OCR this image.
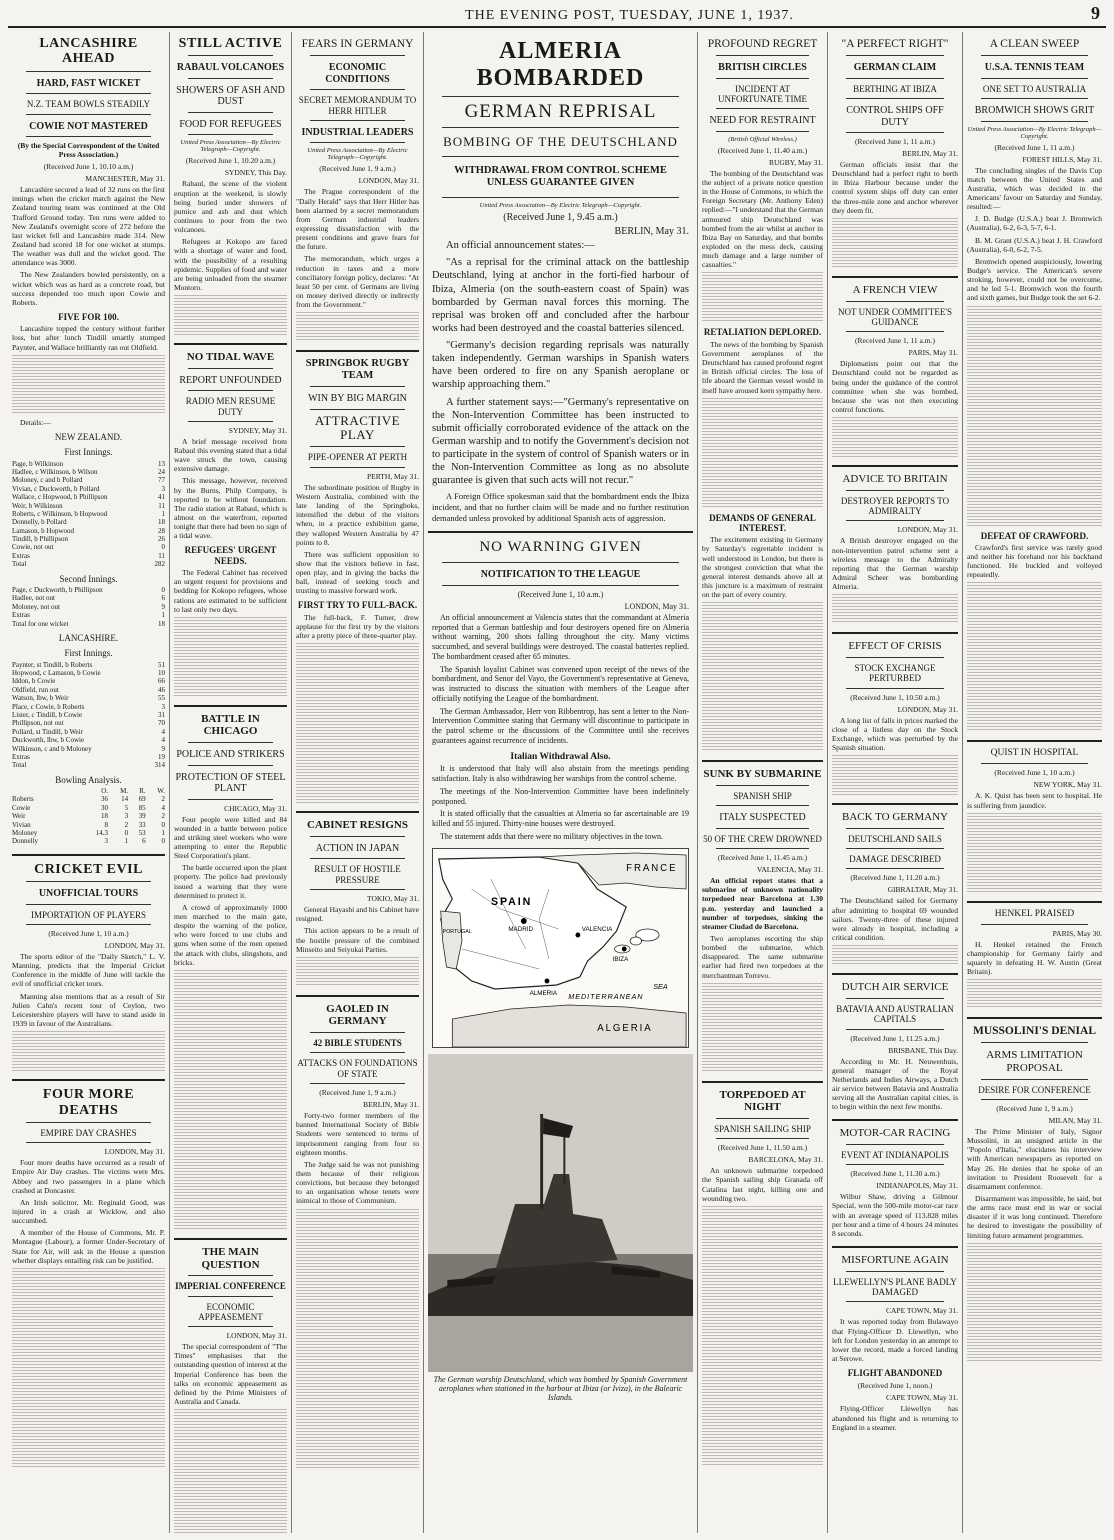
THE EVENING POST, TUESDAY, JUNE 1, 1937.	9
LANCASHIRE AHEAD
HARD, FAST WICKET
N.Z. TEAM BOWLS STEADILY
COWIE NOT MASTERED
(By the Special Correspondent of the United Press Association.)
(Received June 1, 10.10 a.m.)
MANCHESTER, May 31.

Lancashire secured a lead of 32 runs on the first innings when the cricket match against the New Zealand touring team was continued at the Old Trafford Ground today. Ten runs were added to New Zealand's overnight score of 272 before the last wicket fell and Lancashire made 314. New Zealand had scored 18 for one wicket at stumps. The weather was dull and the wicket good. The attendance was 3000.

The New Zealanders bowled persistently, on a wicket which was as hard as a concrete road, but success depended too much upon Cowie and Roberts.

FIVE FOR 100.

Lancashire topped the century without further loss, but after lunch Tindill smartly stumped Paynter, and Wallace brilliantly ran out Oldfield.

Details:—
NEW ZEALAND.
First Innings.
Page, b Wilkinson	13
Hadlee, c Wilkinson, b Wilson	24
Moloney, c and b Pollard	77
Vivian, c Duckworth, b Pollard	3
Wallace, c Hopwood, b Phillipson	41
Weir, b Wilkinson	11
Roberts, c Wilkinson, b Hopwood	1
Donnelly, b Pollard	18
Lamason, b Hopwood	28
Tindill, b Phillipson	26
Cowie, not out	0
Extras	11
Total	282
Second Innings.
Page, c Duckworth, b Phillipson	0
Hadlee, not out	6
Moloney, not out	9
Extras	1
Total for one wicket	18
LANCASHIRE.
First Innings.
Paynter, st Tindill, b Roberts	51
Hopwood, c Lamason, b Cowie	10
Iddon, b Cowie	66
Oldfield, run out	46
Watson, lbw, b Weir	55
Place, c Cowie, b Roberts	3
Lister, c Tindill, b Cowie	31
Phillipson, not out	70
Pollard, st Tindill, b Weir	4
Duckworth, lbw, b Cowie	4
Wilkinson, c and b Moloney	9
Extras	19
Total	314
Bowling Analysis.
	O.	M.	R.	W.
Roberts	36	14	69	2
Cowie	30	5	85	4
Weir	18	3	39	2
Vivian	8	2	33	0
Moloney	14.3	0	53	1
Donnelly	3	1	6	0
CRICKET EVIL
UNOFFICIAL TOURS
IMPORTATION OF PLAYERS
(Received June 1, 10 a.m.)
LONDON, May 31.

The sports editor of the "Daily Sketch," L. V. Manning, predicts that the Imperial Cricket Conference in the middle of June will tackle the evil of unofficial cricket tours.

Manning also mentions that as a result of Sir Julien Cahn's recent tour of Ceylon, two Leicestershire players will have to stand aside in 1939 in favour of the Australians.

FOUR MORE DEATHS
EMPIRE DAY CRASHES
LONDON, May 31.

Four more deaths have occurred as a result of Empire Air Day crashes. The victims were Mrs. Abbey and two passengers in a plane which crashed at Doncaster.

An Irish solicitor, Mr. Reginald Good, was injured in a crash at Wicklow, and also succumbed.

A member of the House of Commons, Mr. P. Montague (Labour), a former Under-Secretary of State for Air, will ask in the House a question whether displays entailing risk can be justified.

STILL ACTIVE
RABAUL VOLCANOES
SHOWERS OF ASH AND DUST
FOOD FOR REFUGEES
United Press Association—By Electric Telegraph—Copyright.
(Received June 1, 10.20 a.m.)
SYDNEY, This Day.

Rabaul, the scene of the violent eruption at the weekend, is slowly being buried under showers of pumice and ash and dust which continues to pour from the two volcanoes.

Refugees at Kokopo are faced with a shortage of water and food, with the possibility of a resulting epidemic. Supplies of food and water are being unloaded from the steamer Montoro.

NO TIDAL WAVE
REPORT UNFOUNDED
RADIO MEN RESUME DUTY
SYDNEY, May 31.

A brief message received from Rabaul this evening stated that a tidal wave struck the town, causing extensive damage.

This message, however, received by the Burns, Philp Company, is reported to be without foundation. The radio station at Rabaul, which is almost on the waterfront, reported tonight that there had been no sign of a tidal wave.

REFUGEES' URGENT NEEDS.

The Federal Cabinet has received an urgent request for provisions and bedding for Kokopo refugees, whose rations are estimated to be sufficient to last only two days.

BATTLE IN CHICAGO
POLICE AND STRIKERS
PROTECTION OF STEEL PLANT
CHICAGO, May 31.

Four people were killed and 84 wounded in a battle between police and striking steel workers who were attempting to enter the Republic Steel Corporation's plant.

The battle occurred upon the plant property. The police had previously issued a warning that they were determined to protect it.

A crowd of approximately 1000 men marched to the main gate, despite the warning of the police, who were forced to use clubs and guns when some of the men opened the attack with clubs, slingshots, and bricks.

THE MAIN QUESTION
IMPERIAL CONFERENCE
ECONOMIC APPEASEMENT
LONDON, May 31.

The special correspondent of "The Times" emphasises that the outstanding question of interest at the Imperial Conference has been the talks on economic appeasement as defined by the Prime Ministers of Australia and Canada.

FEARS IN GERMANY
ECONOMIC CONDITIONS
SECRET MEMORANDUM TO HERR HITLER
INDUSTRIAL LEADERS
United Press Association—By Electric Telegraph—Copyright.
(Received June 1, 9 a.m.)
LONDON, May 31.

The Prague correspondent of the "Daily Herald" says that Herr Hitler has been alarmed by a secret memorandum from German industrial leaders expressing dissatisfaction with the present conditions and grave fears for the future.

The memorandum, which urges a reduction in taxes and a more conciliatory foreign policy, declares: "At least 50 per cent. of Germans are living on money derived directly or indirectly from the Government."

SPRINGBOK RUGBY TEAM
WIN BY BIG MARGIN
ATTRACTIVE PLAY
PIPE-OPENER AT PERTH
PERTH, May 31.

The subordinate position of Rugby in Western Australia, combined with the late landing of the Springboks, intensified the debut of the visitors when, in a practice exhibition game, they walloped Western Australia by 47 points to 8.

There was sufficient opposition to show that the visitors believe in fast, open play, and in giving the backs the ball, instead of seeking touch and trusting to massive forward work.

FIRST TRY TO FULL-BACK.

The full-back, F. Turner, drew applause for the first try by the visitors after a pretty piece of three-quarter play.

CABINET RESIGNS
ACTION IN JAPAN
RESULT OF HOSTILE PRESSURE
TOKIO, May 31.

General Hayashi and his Cabinet have resigned.

This action appears to be a result of the hostile pressure of the combined Minseito and Seiyukai Parties.

GAOLED IN GERMANY
42 BIBLE STUDENTS
ATTACKS ON FOUNDATIONS OF STATE
(Received June 1, 9 a.m.)
BERLIN, May 31.

Forty-two former members of the banned International Society of Bible Students were sentenced to terms of imprisonment ranging from four to eighteen months.

The Judge said he was not punishing them because of their religious convictions, but because they belonged to an organisation whose tenets were inimical to those of Communism.

ALMERIA BOMBARDED
GERMAN REPRISAL
BOMBING OF THE DEUTSCHLAND
WITHDRAWAL FROM CONTROL SCHEME UNLESS GUARANTEE GIVEN
United Press Association—By Electric Telegraph—Copyright.
(Received June 1, 9.45 a.m.)
BERLIN, May 31.

An official announcement states:—

"As a reprisal for the criminal attack on the battleship Deutschland, lying at anchor in the forti-fied harbour of Ibiza, Almeria (on the south-eastern coast of Spain) was bombarded by German naval forces this morning. The reprisal was broken off and concluded after the harbour works had been destroyed and the coastal batteries silenced.

"Germany's decision regarding reprisals was naturally taken independently. German warships in Spanish waters have been ordered to fire on any Spanish aeroplane or warship approaching them."

A further statement says:—"Germany's representative on the Non-Intervention Committee has been instructed to submit officially corroborated evidence of the attack on the German warship and to notify the Government's decision not to participate in the system of control of Spanish waters or in the Non-Intervention Committee as long as no absolute guarantee is given that such acts will not recur."

A Foreign Office spokesman said that the bombardment ends the Ibiza incident, and that no further claim will be made and no further restitution demanded unless provoked by additional Spanish acts of aggression.

NO WARNING GIVEN
NOTIFICATION TO THE LEAGUE
(Received June 1, 10 a.m.)
LONDON, May 31.

An official announcement at Valencia states that the commandant at Almeria reported that a German battleship and four destroyers opened fire on Almeria without warning, 200 shots falling throughout the city. Many victims succumbed, and several buildings were destroyed. The coastal batteries replied. The bombardment ceased after 65 minutes.

The Spanish loyalist Cabinet was convened upon receipt of the news of the bombardment, and Senor del Vayo, the Government's representative at Geneva, was instructed to discuss the situation with members of the League after officially notifying the League of the bombardment.

The German Ambassador, Herr von Ribbentrop, has sent a letter to the Non-Intervention Committee stating that Germany will discontinue to participate in the patrol scheme or the discussions of the Committee until she receives guarantees against recurrence of incidents.

Italian Withdrawal Also.

It is understood that Italy will also abstain from the meetings pending satisfaction. Italy is also withdrawing her warships from the control scheme.

The meetings of the Non-Intervention Committee have been indefinitely postponed.

It is stated officially that the casualties at Almeria so far ascertainable are 19 killed and 55 injured. Thirty-nine houses were destroyed.

The statement adds that there were no military objectives in the town.

FRANCE
SPAIN
MADRID	VALENCIA
IBIZA
ALMERIA MEDITERRANEAN
ALGERIA
PORTUGAL
SEA
The German warship Deutschland, which was bombed by Spanish Government aeroplanes when stationed in the harbour at Ibiza (or Iviza), in the Balearic Islands.
PROFOUND REGRET
BRITISH CIRCLES
INCIDENT AT UNFORTUNATE TIME
NEED FOR RESTRAINT
(British Official Wireless.)
(Received June 1, 11.40 a.m.)
RUGBY, May 31.

The bombing of the Deutschland was the subject of a private notice question in the House of Commons, to which the Foreign Secretary (Mr. Anthony Eden) replied:—"I understand that the German armoured ship Deutschland was bombed from the air whilst at anchor in Ibiza Bay on Saturday, and that bombs exploded on the mess deck, causing much damage and a large number of casualties."

RETALIATION DEPLORED.

The news of the bombing by Spanish Government aeroplanes of the Deutschland has caused profound regret in British official circles. The loss of life aboard the German vessel would in itself have aroused keen sympathy here.

DEMANDS OF GENERAL INTEREST.

The excitement existing in Germany by Saturday's regrettable incident is well understood in London, but there is the strongest conviction that what the general interest demands above all at this juncture is a maximum of restraint on the part of every country.

SUNK BY SUBMARINE
SPANISH SHIP
ITALY SUSPECTED
50 OF THE CREW DROWNED
(Received June 1, 11.45 a.m.)
VALENCIA, May 31.

An official report states that a submarine of unknown nationality torpedoed near Barcelona at 1.30 p.m. yesterday and launched a number of torpedoes, sinking the steamer Ciudad de Barcelona.

Two aeroplanes escorting the ship bombed the submarine, which disappeared. The same submarine earlier had fired two torpedoes at the merchantman Torrevo.

TORPEDOED AT NIGHT
SPANISH SAILING SHIP
(Received June 1, 11.50 a.m.)
BARCELONA, May 31.

An unknown submarine torpedoed the Spanish sailing ship Granada off Catalina last night, killing one and wounding two.

"A PERFECT RIGHT"
GERMAN CLAIM
BERTHING AT IBIZA
CONTROL SHIPS OFF DUTY
(Received June 1, 11 a.m.)
BERLIN, May 31.

German officials insist that the Deutschland had a perfect right to berth in Ibiza Harbour because under the control system ships off duty can enter the three-mile zone and anchor wherever they deem fit.

A FRENCH VIEW
NOT UNDER COMMITTEE'S GUIDANCE
(Received June 1, 11 a.m.)
PARIS, May 31.

Diplomatists point out that the Deutschland could not be regarded as being under the guidance of the control committee when she was bombed, because she was not then executing control functions.

ADVICE TO BRITAIN
DESTROYER REPORTS TO ADMIRALTY
LONDON, May 31.

A British destroyer engaged on the non-intervention patrol scheme sent a wireless message to the Admiralty reporting that the German warship Admiral Scheer was bombarding Almeria.

EFFECT OF CRISIS
STOCK EXCHANGE PERTURBED
(Received June 1, 10.50 a.m.)
LONDON, May 31.

A long list of falls in prices marked the close of a listless day on the Stock Exchange, which was perturbed by the Spanish situation.

BACK TO GERMANY
DEUTSCHLAND SAILS
DAMAGE DESCRIBED
(Received June 1, 11.20 a.m.)
GIBRALTAR, May 31.

The Deutschland sailed for Germany after admitting to hospital 69 wounded sailors. Twenty-three of these injured were already in hospital, including a critical condition.

DUTCH AIR SERVICE
BATAVIA AND AUSTRALIAN CAPITALS
(Received June 1, 11.25 a.m.)
BRISBANE, This Day.

According to Mr. H. Neuwenhuis, general manager of the Royal Netherlands and Indies Airways, a Dutch air service between Batavia and Australia serving all the Australian capital cities, is to begin within the next few months.

MOTOR-CAR RACING
EVENT AT INDIANAPOLIS
(Received June 1, 11.30 a.m.)
INDIANAPOLIS, May 31.

Wilbur Shaw, driving a Gilmour Special, won the 500-mile motor-car race with an average speed of 113.828 miles per hour and a time of 4 hours 24 minutes 8 seconds.

MISFORTUNE AGAIN
LLEWELLYN'S PLANE BADLY DAMAGED
CAPE TOWN, May 31.

It was reported today from Bulawayo that Flying-Officer D. Llewellyn, who left for London yesterday in an attempt to lower the record, made a forced landing at Serowe.

FLIGHT ABANDONED
(Received June 1, noon.)
CAPE TOWN, May 31.

Flying-Officer Llewellyn has abandoned his flight and is returning to England in a steamer.

A CLEAN SWEEP
U.S.A. TENNIS TEAM
ONE SET TO AUSTRALIA
BROMWICH SHOWS GRIT
United Press Association—By Electric Telegraph—Copyright.
(Received June 1, 11 a.m.)
FOREST HILLS, May 31.

The concluding singles of the Davis Cup match between the United States and Australia, which was decided in the Americans' favour on Saturday and Sunday, resulted:—

J. D. Budge (U.S.A.) beat J. Bromwich (Australia), 6-2, 6-3, 5-7, 6-1.

B. M. Grant (U.S.A.) beat J. H. Crawford (Australia), 6-0, 6-2, 7-5.

Bromwich opened auspiciously, lowering Budge's service. The American's severe stroking, however, could not be overcome, and he led 5-1. Bromwich won the fourth and sixth games, but Budge took the set 6-2.

DEFEAT OF CRAWFORD.

Crawford's first service was rarely good and neither his forehand nor his backhand functioned. He buckled and volleyed repeatedly.

QUIST IN HOSPITAL
(Received June 1, 10 a.m.)
NEW YORK, May 31.

A. K. Quist has been sent to hospital. He is suffering from jaundice.

HENKEL PRAISED
PARIS, May 30.

H. Henkel retained the French championship for Germany fairly and squarely in defeating H. W. Austin (Great Britain).

MUSSOLINI'S DENIAL
ARMS LIMITATION PROPOSAL
DESIRE FOR CONFERENCE
(Received June 1, 9 a.m.)
MILAN, May 31.

The Prime Minister of Italy, Signor Mussolini, in an unsigned article in the "Popolo d'Italia," elucidates his interview with American newspapers as reported on May 26. He denies that he spoke of an invitation to President Roosevelt for a disarmament conference.

Disarmament was impossible, he said, but the arms race must end in war or social disaster if it was long continued. Therefore he desired to investigate the possibility of limiting future armament programmes.
